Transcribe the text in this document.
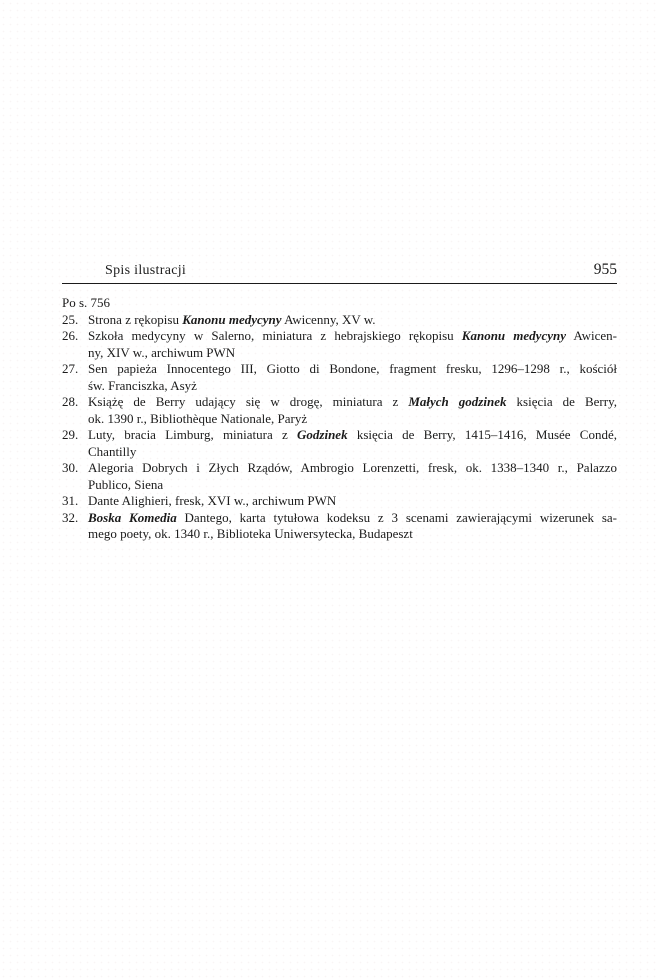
Spis ilustracji	955

Po s. 756

25. Strona z rękopisu Kanonu medycyny Awicenny, XV w.
26. Szkoła medycyny w Salerno, miniatura z hebrajskiego rękopisu Kanonu medycyny Awicen-
ny, XIV w., archiwum PWN
27. Sen papieża Innocentego III, Giotto di Bondone, fragment fresku, 1296–1298 r., kościół
św. Franciszka, Asyż
28. Książę de Berry udający się w drogę, miniatura z Małych godzinek księcia de Berry,
ok. 1390 r., Bibliothèque Nationale, Paryż
29. Luty, bracia Limburg, miniatura z Godzinek księcia de Berry, 1415–1416, Musée Condé,
Chantilly
30. Alegoria Dobrych i Złych Rządów, Ambrogio Lorenzetti, fresk, ok. 1338–1340 r., Palazzo
Publico, Siena
31. Dante Alighieri, fresk, XVI w., archiwum PWN
32. Boska Komedia Dantego, karta tytułowa kodeksu z 3 scenami zawierającymi wizerunek sa-
mego poety, ok. 1340 r., Biblioteka Uniwersytecka, Budapeszt
